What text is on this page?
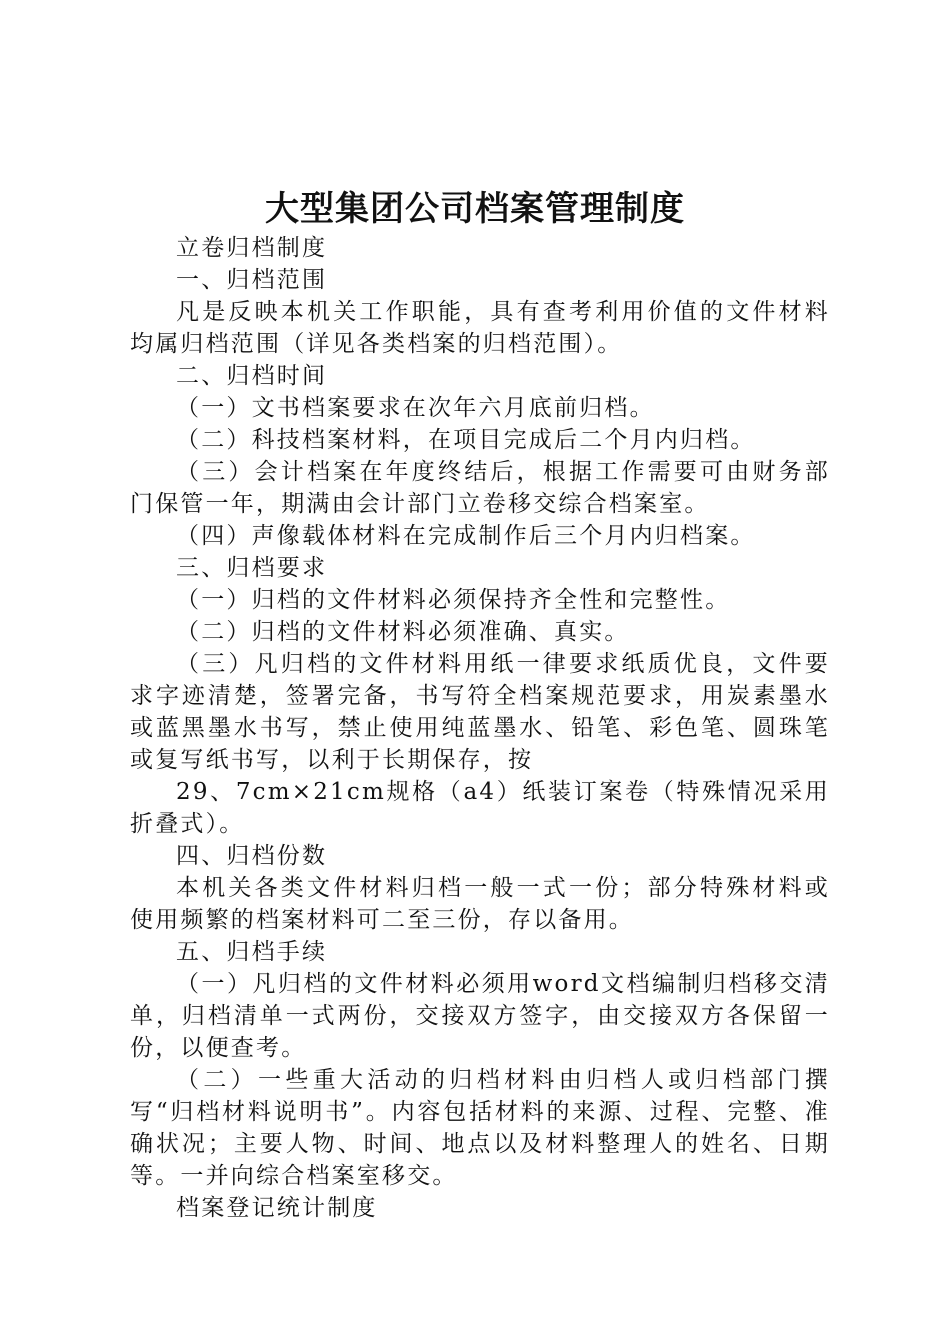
大型集团公司档案管理制度

立卷归档制度

一、归档范围

凡是反映本机关工作职能，具有查考利用价值的文件材料均属归档范围（详见各类档案的归档范围）。

二、归档时间

（一）文书档案要求在次年六月底前归档。

（二）科技档案材料，在项目完成后二个月内归档。

（三）会计档案在年度终结后，根据工作需要可由财务部门保管一年，期满由会计部门立卷移交综合档案室。

（四）声像载体材料在完成制作后三个月内归档案。

三、归档要求

（一）归档的文件材料必须保持齐全性和完整性。

（二）归档的文件材料必须准确、真实。

（三）凡归档的文件材料用纸一律要求纸质优良，文件要求字迹清楚，签署完备，书写符全档案规范要求，用炭素墨水或蓝黑墨水书写，禁止使用纯蓝墨水、铅笔、彩色笔、圆珠笔或复写纸书写，以利于长期保存，按

29、7cm×21cm规格（a4）纸装订案卷（特殊情况采用折叠式）。

四、归档份数

本机关各类文件材料归档一般一式一份；部分特殊材料或使用频繁的档案材料可二至三份，存以备用。

五、归档手续

（一）凡归档的文件材料必须用word文档编制归档移交清单，归档清单一式两份，交接双方签字，由交接双方各保留一份，以便查考。

（二）一些重大活动的归档材料由归档人或归档部门撰写“归档材料说明书”。内容包括材料的来源、过程、完整、准确状况；主要人物、时间、地点以及材料整理人的姓名、日期等。一并向综合档案室移交。

档案登记统计制度
